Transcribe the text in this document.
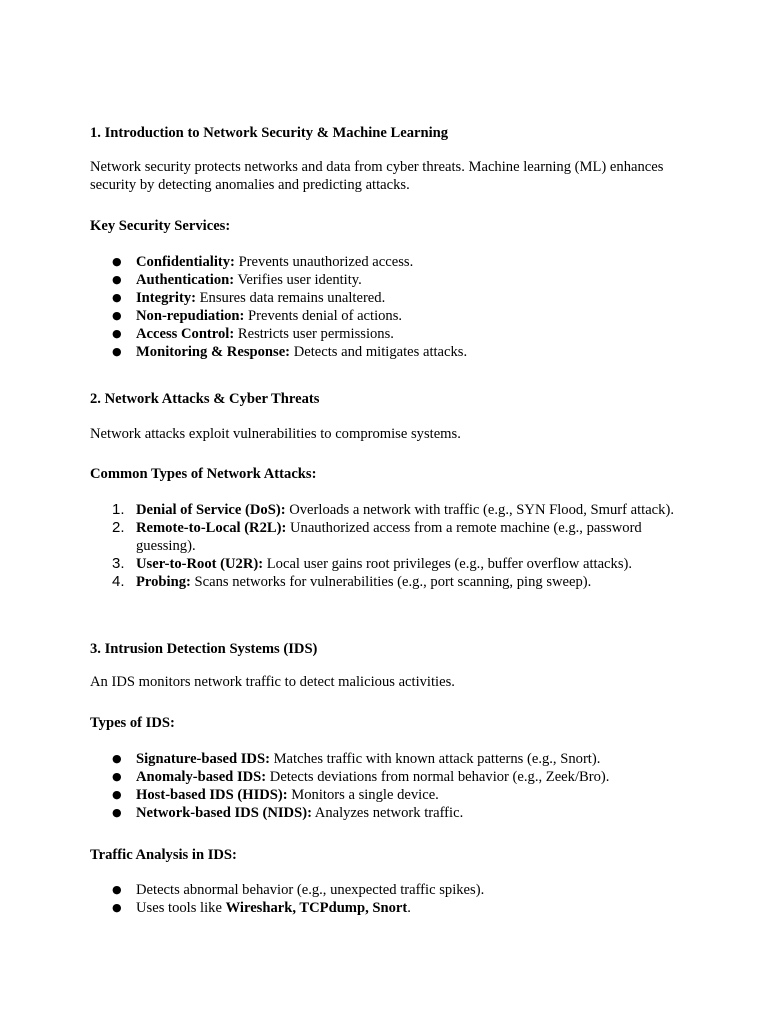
1. Introduction to Network Security & Machine Learning
Network security protects networks and data from cyber threats. Machine learning (ML) enhances security by detecting anomalies and predicting attacks.
Key Security Services:
● Confidentiality: Prevents unauthorized access.
● Authentication: Verifies user identity.
● Integrity: Ensures data remains unaltered.
● Non-repudiation: Prevents denial of actions.
● Access Control: Restricts user permissions.
● Monitoring & Response: Detects and mitigates attacks.
2. Network Attacks & Cyber Threats
Network attacks exploit vulnerabilities to compromise systems.
Common Types of Network Attacks:
1. Denial of Service (DoS): Overloads a network with traffic (e.g., SYN Flood, Smurf attack).
2. Remote-to-Local (R2L): Unauthorized access from a remote machine (e.g., password guessing).
3. User-to-Root (U2R): Local user gains root privileges (e.g., buffer overflow attacks).
4. Probing: Scans networks for vulnerabilities (e.g., port scanning, ping sweep).
3. Intrusion Detection Systems (IDS)
An IDS monitors network traffic to detect malicious activities.
Types of IDS:
● Signature-based IDS: Matches traffic with known attack patterns (e.g., Snort).
● Anomaly-based IDS: Detects deviations from normal behavior (e.g., Zeek/Bro).
● Host-based IDS (HIDS): Monitors a single device.
● Network-based IDS (NIDS): Analyzes network traffic.
Traffic Analysis in IDS:
● Detects abnormal behavior (e.g., unexpected traffic spikes).
● Uses tools like Wireshark, TCPdump, Snort.
